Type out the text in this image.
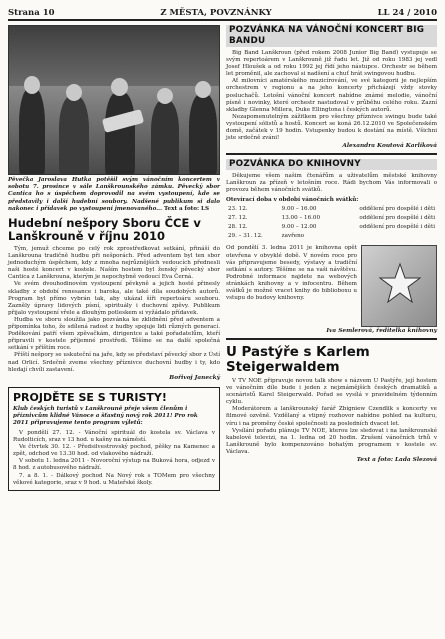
Strana 10	Z MĚSTA, POVZNÁNKY	LL 24 / 2010
Pěvečka Jaroslava Hutka potěšil svým vánočním koncertem v sobotu 7. prosince v sále Lanškrounského zámku. Pěvecký sbor Cantica ho s úspěchem doprovodil na svém vystoupení, kde se představily i další hudební soubory. Nadšené publikum si dalo nakonec i přídavek po vystoupení jmenovaného... Text a foto: LS
Hudební nešpory Sboru ČCE v Lanškrouně v říjnu 2010

Tým, jemuž chceme po celý rok zprostředkovat setkání, přináší do Lanškrouna tradičně hudbu při nešporách. Před adventem byl ten sbor jednoduchým úspěchem, kdy z mnoha nejrůznějších vedoucích přednesli naši hosté koncert v kostele. Naším hostem byl ženský pěvecký sbor Cantica z Lanškrouna, kterým je nepochybně vedoucí Eva Černá.

Ve svém dvouhodinovém vystoupení pěvkyně a jejich hosté přinesly skladby z období renesance i baroka, ale také díla soudobých autorů. Program byl přímo vybrán tak, aby ukázal šíři repertoáru souboru. Zazněly úpravy lidových písní, spirituály i duchovní zpěvy. Publikum přijalo vystoupení vřele a dlouhým potleskem si vyžádalo přídavek.

Hudba ve sboru sloužila jako pozvánka ke zklidnění před adventem a připomínka toho, že sdílená radost z hudby spojuje lidi různých generací. Poděkování patří všem zpěvačkám, dirigentce a také pořadatelům, kteří připravili v kostele příjemné prostředí. Těšíme se na další společná setkání v příštím roce.

Příští nešpory se uskuteční na jaře, kdy se představí pěvecký sbor z Ústí nad Orlicí. Srdečně zveme všechny příznivce duchovní hudby i ty, kdo hledají chvíli zastavení.

Bořivoj Janecký
PROJDĚTE SE S TURISTY!
Klub českých turistů v Lanškrouně přeje všem členům i příznivcům klidné Vánoce a šťastný nový rok 2011! Pro rok 2011 připravujeme tento program výletů:

V pondělí 27. 12. - Vánoční spirituál do kostela sv. Václava v Rudolticích, sraz v 13 hod. u kašny na náměstí.

Ve čtvrtek 30. 12. - Předsilvestrovský pochod, pěšky na Kamenec a zpět, odchod ve 13.30 hod. od vlakového nádraží.

V sobotu 1. ledna 2011 - Novoroční výstup na Buková hora, odjezd v 8 hod. z autobusového nádraží.

7. a 8. 1. - Dálkový pochod Na Nový rok s TOMem pro všechny věkové kategorie, sraz v 9 hod. u Mateřské školy.

POZVÁNKA NA VÁNOČNÍ KONCERT BIG BANDU

Big Band Lanškroun (před rokem 2008 Junior Big Band) vystupuje se svým repertoárem v Lanškrouně již řadu let. Již od roku 1983 jej vedl Josef Hloušek a od roku 1992 jej řídí jeho nástupce. Orchestr se během let proměnil, ale zachoval si nadšení a chuť hrát swingovou hudbu.

Ať milovníci amatérského muzicírování, ve své kategorii je nejlepším orchestrem v regionu a na jeho koncerty přicházejí vždy stovky posluchačů. Letošní vánoční koncert nabídne známé melodie, vánoční písně i novinky, které orchestr nastudoval v průběhu celého roku. Zazní skladby Glenna Millera, Duke Ellingtona i českých autorů.

Nezapomenutelným zážitkem pro všechny příznivce swingu bude také vystoupení sólistů a hostů. Koncert se koná 26.12.2010 ve Společenském domě, začátek v 19 hodin. Vstupenky budou k dostání na místě. Všichni jste srdečně zváni!

Alexandra Koutová Karlíková
POZVÁNKA DO KNIHOVNY

Děkujeme všem našim čtenářům a uživatelům městské knihovny Lanškroun za přízeň v letošním roce. Rádi bychom Vás informovali o provozu během vánočních svátků.

Otevírací doba v období vánočních svátků:
23. 12.	9.00 – 16.00	oddělení pro dospělé i děti
27. 12.	13.00 – 16.00	oddělení pro dospělé i děti
28. 12.	9.00 – 12.00	oddělení pro dospělé i děti
29. – 31. 12.	zavřeno	
Od pondělí 3. ledna 2011 je knihovna opět otevřena v obvyklé době. V novém roce pro vás připravujeme besedy, výstavy a tradiční setkání s autory. Těšíme se na vaši návštěvu. Podrobné informace najdete na webových stránkách knihovny a v infocentru. Během svátků je možné vracet knihy do biblioboxu u vstupu do budovy knihovny.
Iva Semlerová, ředitelka knihovny
U Pastýře s Karlem Steigerwaldem

V TV NOE připravuje novou talk show s názvem U Pastýře, její hostem ve vánočním díle bude i jeden z nejznámějších českých dramatiků a scenáristů Karel Steigerwald. Pořad se vysílá v pravidelném týdenním cyklu.

Moderátorem a lanškrounský farář Zbigniew Czendlik s koncerty ve filmové ozvěně. Vzdělaný a vtipný rozhovor nabídne pohled na kulturu, víru i na proměny české společnosti za posledních dvacet let.

Vysílání pořadu plánuje TV NOE, kterou lze sledovat i na lanškrounské kabelové televizi, na 1. ledna od 20 hodin. Zrušení vánočních trhů v Lanškrouně bylo kompenzováno bohatým programem v kostele sv. Václava.

Text a foto: Lada Slezová
